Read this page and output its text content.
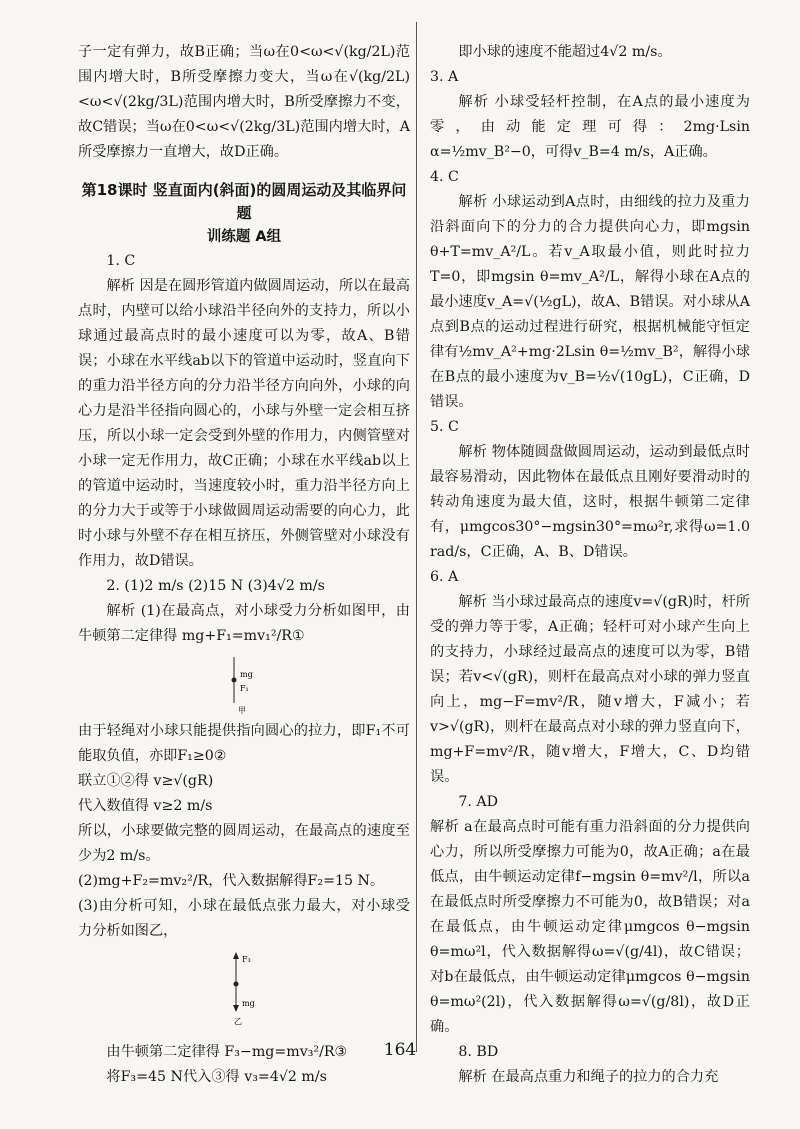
子一定有弹力，故B正确；当ω在0<ω<√(kg/2L)范围内增大时，B所受摩擦力变大，当ω在√(kg/2L)<ω<√(2kg/3L)范围内增大时，B所受摩擦力不变，故C错误；当ω在0<ω<√(2kg/3L)范围内增大时，A所受摩擦力一直增大，故D正确。

第18课时 竖直面内(斜面)的圆周运动及其临界问题
训练题 A组

1. C

解析 因是在圆形管道内做圆周运动，所以在最高点时，内壁可以给小球沿半径向外的支持力，所以小球通过最高点时的最小速度可以为零，故A、B错误；小球在水平线ab以下的管道中运动时，竖直向下的重力沿半径方向的分力沿半径方向向外，小球的向心力是沿半径指向圆心的，小球与外壁一定会相互挤压，所以小球一定会受到外壁的作用力，内侧管壁对小球一定无作用力，故C正确；小球在水平线ab以上的管道中运动时，当速度较小时，重力沿半径方向上的分力大于或等于小球做圆周运动需要的向心力，此时小球与外壁不存在相互挤压，外侧管壁对小球没有作用力，故D错误。

2. (1)2 m/s (2)15 N (3)4√2 m/s

解析 (1)在最高点，对小球受力分析如图甲，由牛顿第二定律得 mg+F₁=mv₁²/R①

mg
F₁
甲

由于轻绳对小球只能提供指向圆心的拉力，即F₁不可能取负值，亦即F₁≥0②

联立①②得 v≥√(gR)

代入数值得 v≥2 m/s

所以，小球要做完整的圆周运动，在最高点的速度至少为2 m/s。

(2)mg+F₂=mv₂²/R，代入数据解得F₂=15 N。

(3)由分析可知，小球在最低点张力最大，对小球受力分析如图乙，

F₃
mg
乙

由牛顿第二定律得 F₃−mg=mv₃²/R③

将F₃=45 N代入③得 v₃=4√2 m/s

即小球的速度不能超过4√2 m/s。

3. A

解析 小球受轻杆控制，在A点的最小速度为零，由动能定理可得：2mg·Lsin α=½mv_B²−0，可得v_B=4 m/s，A正确。

4. C

解析 小球运动到A点时，由细线的拉力及重力沿斜面向下的分力的合力提供向心力，即mgsin θ+T=mv_A²/L。若v_A取最小值，则此时拉力T=0，即mgsin θ=mv_A²/L，解得小球在A点的最小速度v_A=√(½gL)，故A、B错误。对小球从A点到B点的运动过程进行研究，根据机械能守恒定律有½mv_A²+mg·2Lsin θ=½mv_B²，解得小球在B点的最小速度为v_B=½√(10gL)，C正确，D错误。

5. C

解析 物体随圆盘做圆周运动，运动到最低点时最容易滑动，因此物体在最低点且刚好要滑动时的转动角速度为最大值，这时，根据牛顿第二定律有，μmgcos30°−mgsin30°=mω²r,求得ω=1.0 rad/s，C正确，A、B、D错误。

6. A

解析 当小球过最高点的速度v=√(gR)时，杆所受的弹力等于零，A正确；轻杆可对小球产生向上的支持力，小球经过最高点的速度可以为零，B错误；若v<√(gR)，则杆在最高点对小球的弹力竖直向上，mg−F=mv²/R，随v增大，F减小；若v>√(gR)，则杆在最高点对小球的弹力竖直向下，mg+F=mv²/R，随v增大，F增大，C、D均错误。

7. AD

解析 a在最高点时可能有重力沿斜面的分力提供向心力，所以所受摩擦力可能为0，故A正确；a在最低点，由牛顿运动定律f−mgsin θ=mv²/l，所以a在最低点时所受摩擦力不可能为0，故B错误；对a在最低点，由牛顿运动定律μmgcos θ−mgsin θ=mω²l，代入数据解得ω=√(g/4l)，故C错误；对b在最低点，由牛顿运动定律μmgcos θ−mgsin θ=mω²(2l)，代入数据解得ω=√(g/8l)，故D正确。

8. BD

解析 在最高点重力和绳子的拉力的合力充

164
